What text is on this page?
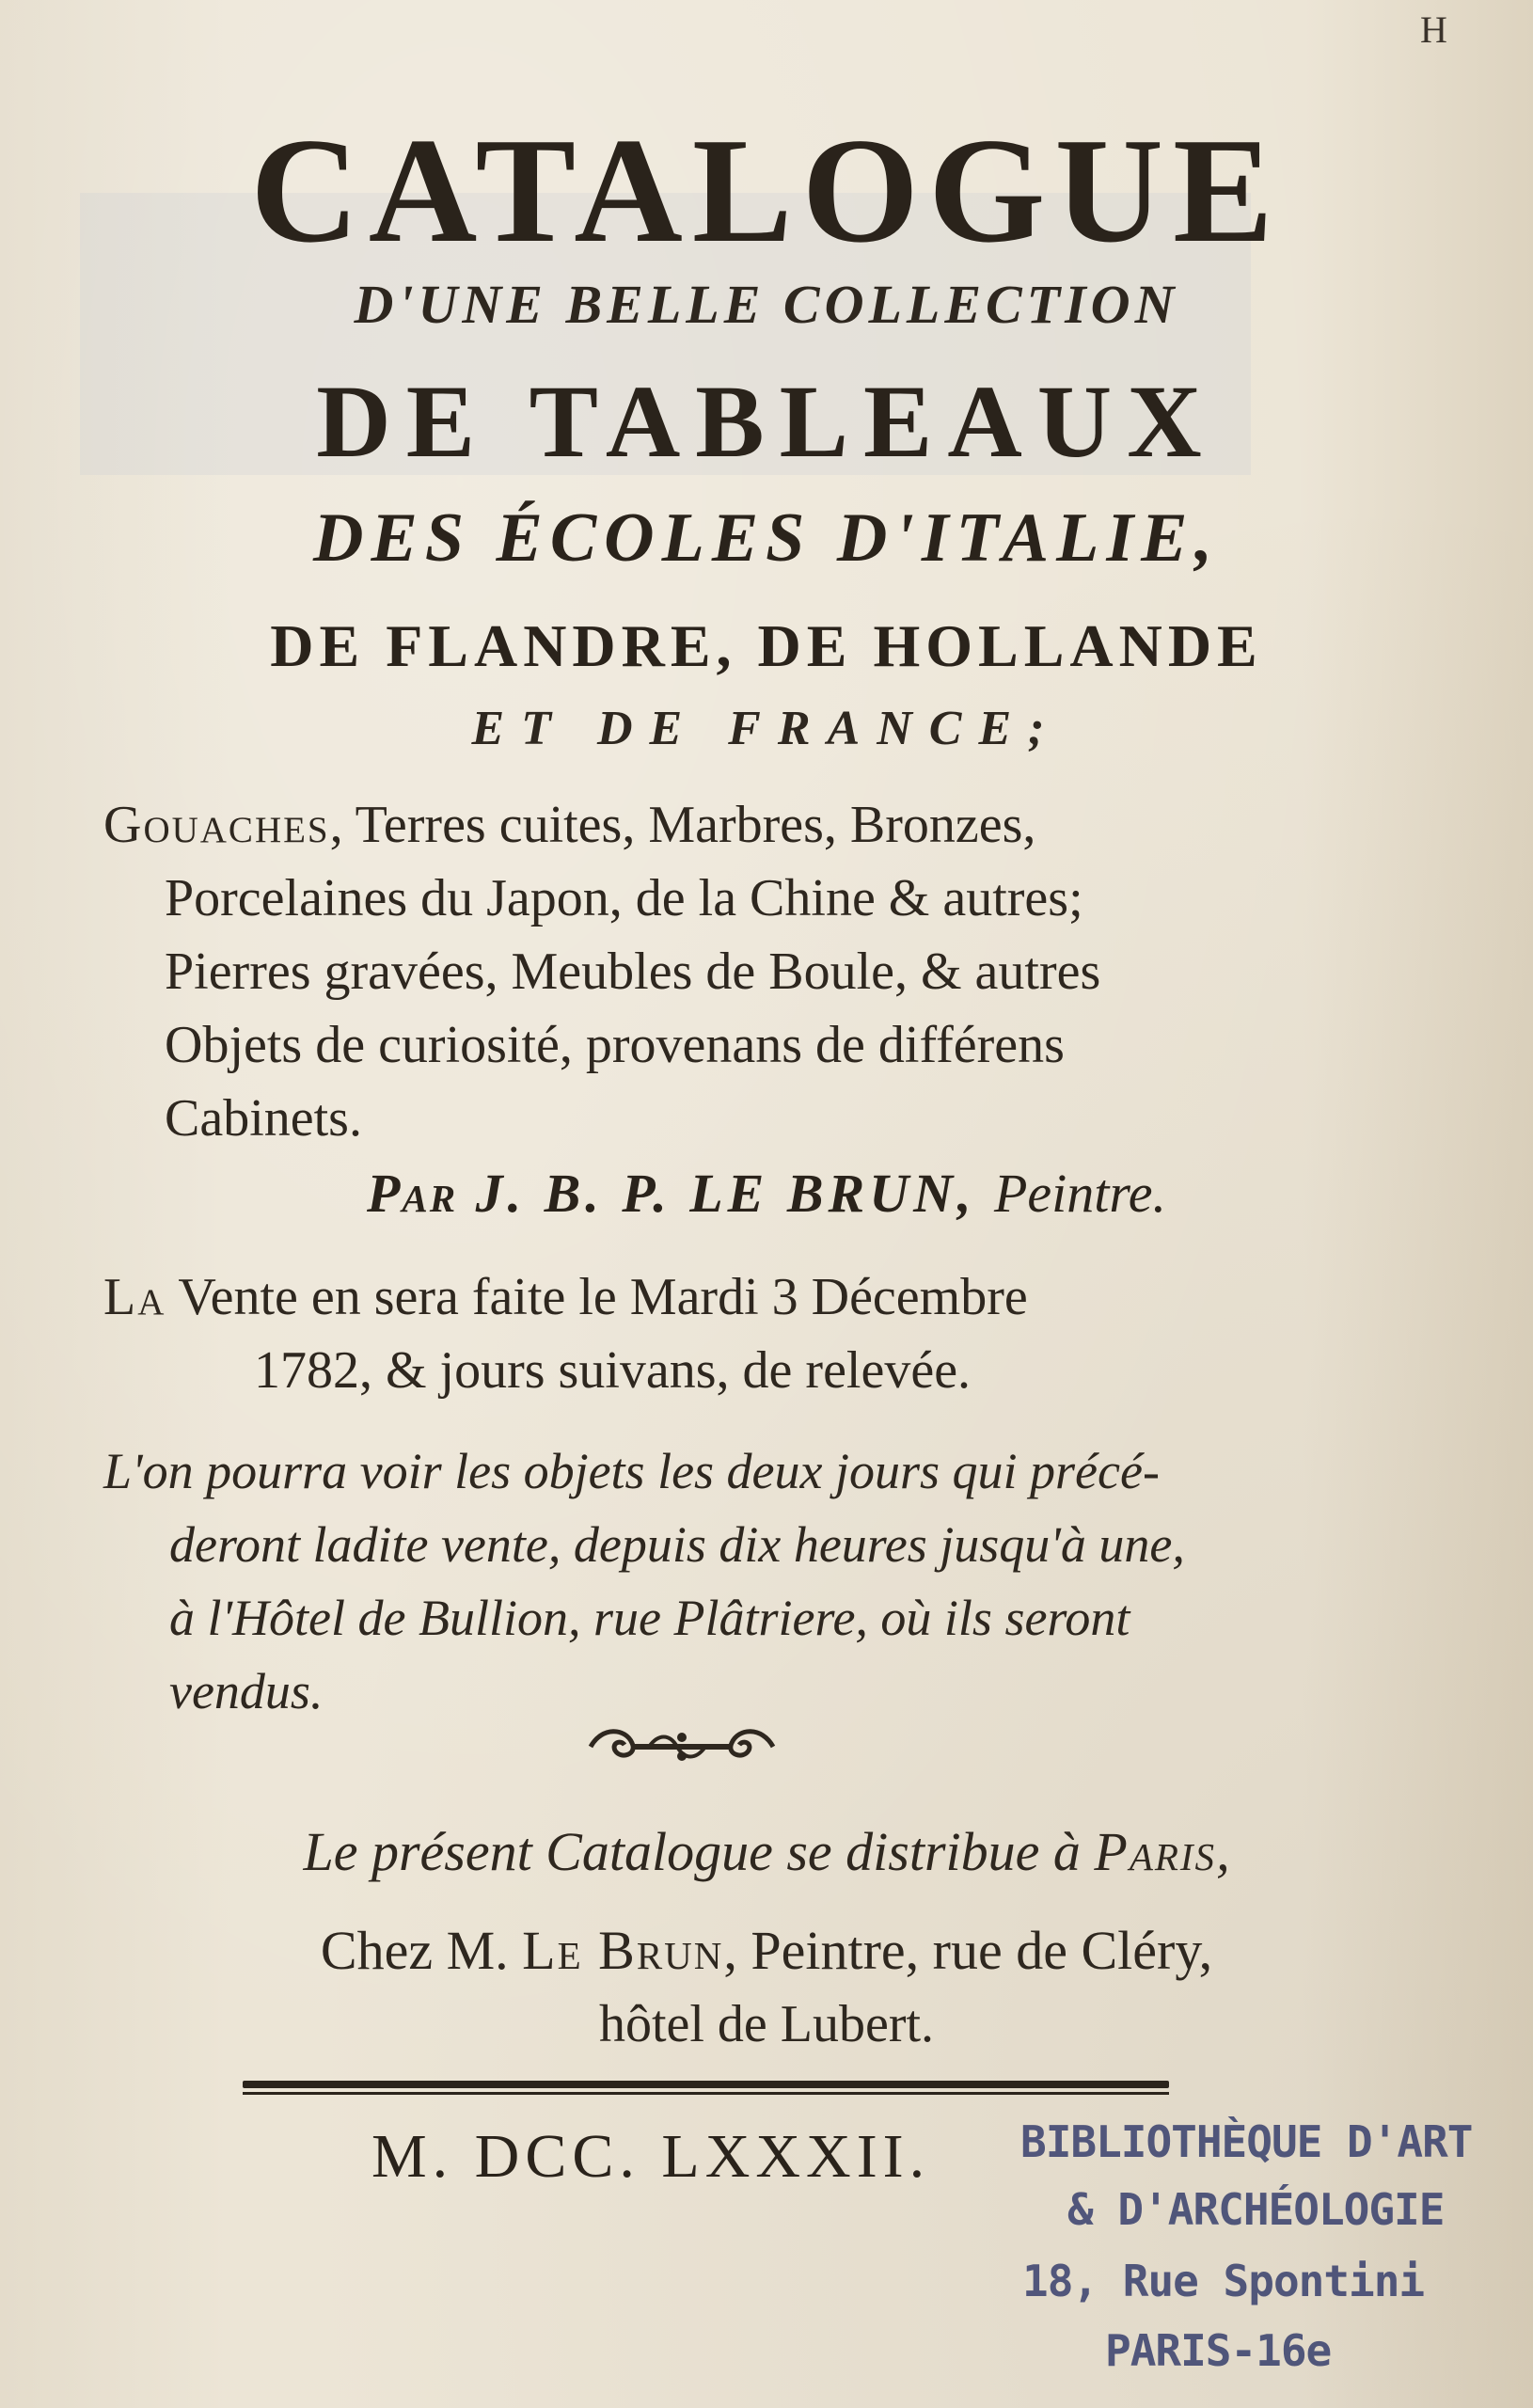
H
CATALOGUE
D'UNE BELLE COLLECTION
DE TABLEAUX
DES ÉCOLES D'ITALIE,
DE FLANDRE, DE HOLLANDE
ET DE FRANCE;
Gouaches, Terres cuites, Marbres, Bronzes,
Porcelaines du Japon, de la Chine & autres;
Pierres gravées, Meubles de Boule, & autres
Objets de curiosité, provenans de différens
Cabinets.
Par J. B. P. LE BRUN, Peintre.
La Vente en sera faite le Mardi 3 Décembre
1782, & jours suivans, de relevée.
L'on pourra voir les objets les deux jours qui précé-
deront ladite vente, depuis dix heures jusqu'à une,
à l'Hôtel de Bullion, rue Plâtriere, où ils seront
vendus.
Le présent Catalogue se distribue à Paris,
Chez M. Le Brun, Peintre, rue de Cléry,
hôtel de Lubert.
M. DCC. LXXXII. BIBLIOTHÈQUE D'ART
& D'ARCHÉOLOGIE
18, Rue Spontini
PARIS-16e
